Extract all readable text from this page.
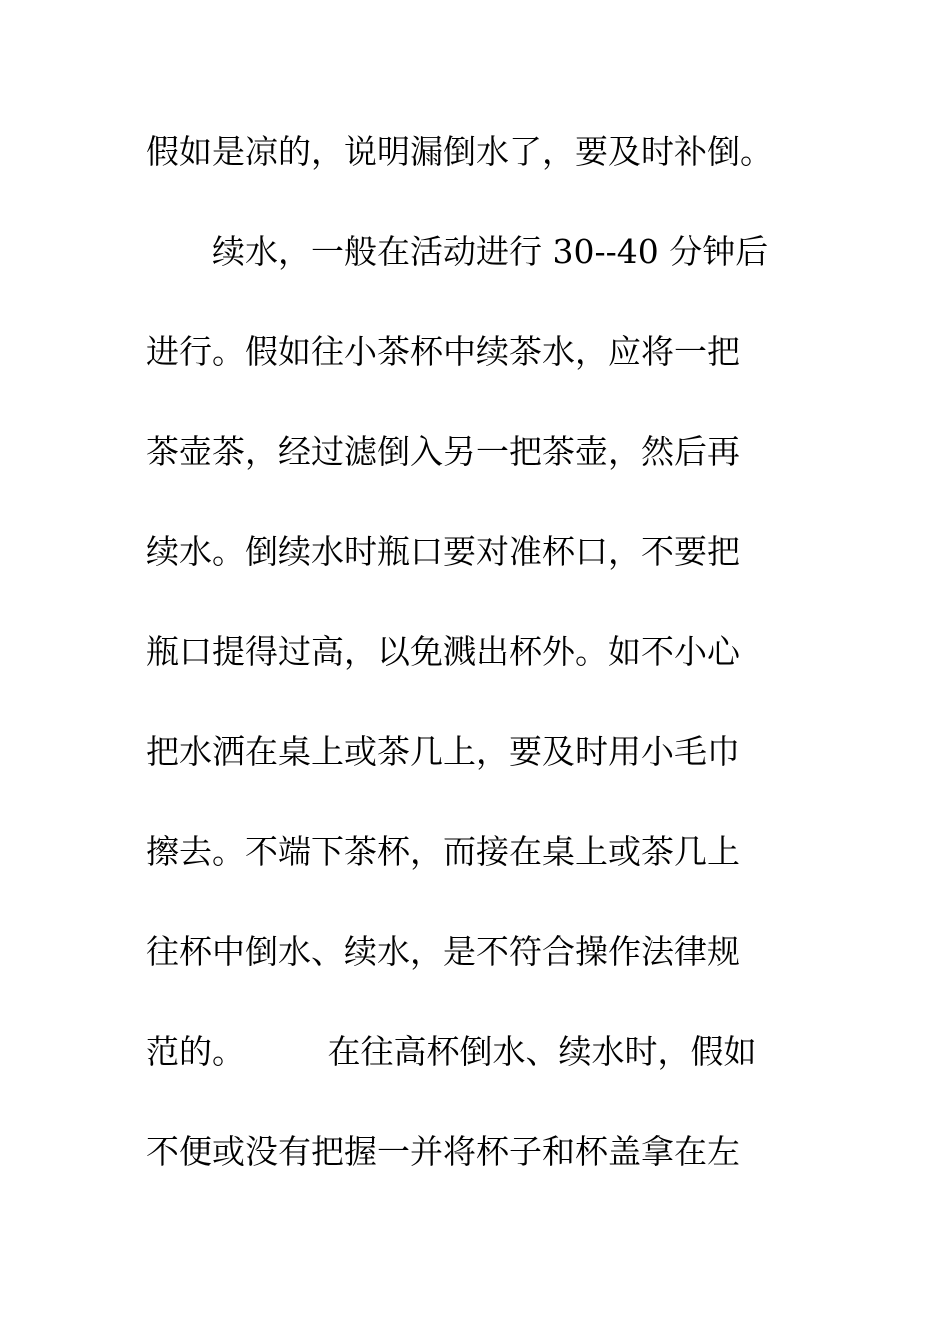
假如是凉的，说明漏倒水了，要及时补倒。
　　续水，一般在活动进行 30--40 分钟后
进行。假如往小茶杯中续茶水，应将一把
茶壶茶，经过滤倒入另一把茶壶，然后再
续水。倒续水时瓶口要对准杯口，不要把
瓶口提得过高，以免溅出杯外。如不小心
把水洒在桌上或茶几上，要及时用小毛巾
擦去。不端下茶杯，而接在桌上或茶几上
往杯中倒水、续水，是不符合操作法律规
范的。　　　在往高杯倒水、续水时，假如
不便或没有把握一并将杯子和杯盖拿在左
